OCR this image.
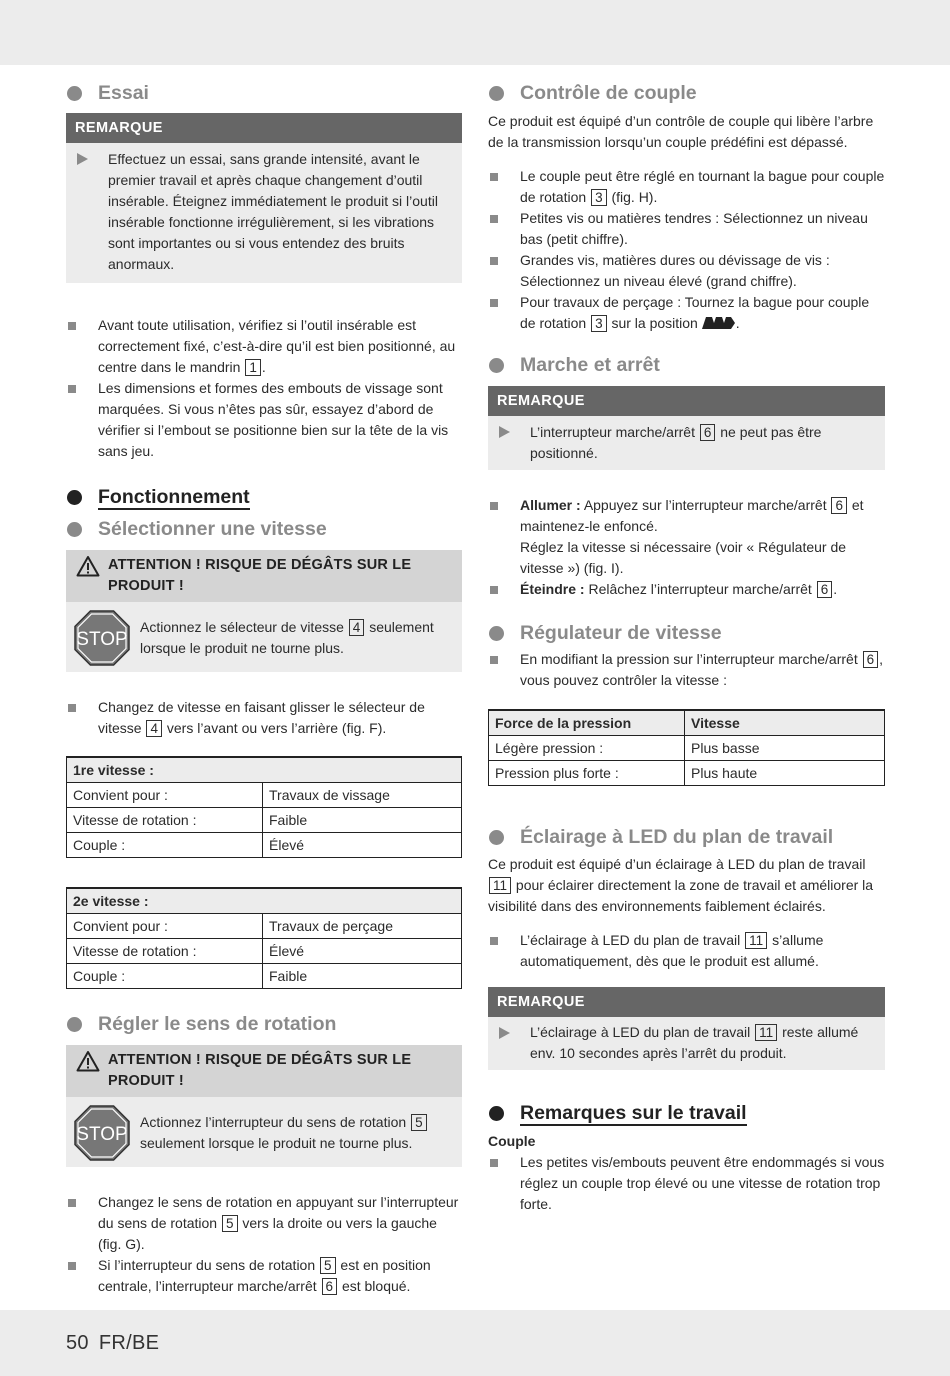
Essai
REMARQUE
Effectuez un essai, sans grande intensité, avant le premier travail et après chaque changement d’outil insérable. Éteignez immédiatement le produit si l’outil insérable fonctionne irrégulièrement, si les vibrations sont importantes ou si vous entendez des bruits anormaux.
Avant toute utilisation, vérifiez si l’outil insérable est correctement fixé, c’est-à-dire qu’il est bien positionné, au centre dans le mandrin 1 .
Les dimensions et formes des embouts de vissage sont marquées. Si vous n’êtes pas sûr, essayez d’abord de vérifier si l’embout se positionne bien sur la tête de la vis sans jeu.
Fonctionnement
Sélectionner une vitesse
ATTENTION ! RISQUE DE DÉGÂTS SUR LE PRODUIT !
STOP
Actionnez le sélecteur de vitesse 4 seulement lorsque le produit ne tourne plus.
Changez de vitesse en faisant glisser le sélecteur de vitesse 4 vers l’avant ou vers l’arrière (fig. F).
1re vitesse :	
Convient pour :	Travaux de vissage
Vitesse de rotation :	Faible
Couple :	Élevé
2e vitesse :	
Convient pour :	Travaux de perçage
Vitesse de rotation :	Élevé
Couple :	Faible
Régler le sens de rotation
ATTENTION ! RISQUE DE DÉGÂTS SUR LE PRODUIT !
STOP
Actionnez l’interrupteur du sens de rotation 5 seulement lorsque le produit ne tourne plus.
Changez le sens de rotation en appuyant sur l’interrupteur du sens de rotation 5 vers la droite ou vers la gauche (fig. G).
Si l’interrupteur du sens de rotation 5 est en position centrale, l’interrupteur marche/arrêt 6 est bloqué.
Contrôle de couple
Ce produit est équipé d’un contrôle de couple qui libère l’arbre de la transmission lorsqu’un couple prédéfini est dépassé.
Le couple peut être réglé en tournant la bague pour couple de rotation 3 (fig. H).
Petites vis ou matières tendres : Sélectionnez un niveau bas (petit chiffre).
Grandes vis, matières dures ou dévissage de vis : Sélectionnez un niveau élevé (grand chiffre).
Pour travaux de perçage : Tournez la bague pour couple de rotation 3 sur la position	.
Marche et arrêt
REMARQUE
L’interrupteur marche/arrêt 6 ne peut pas être positionné.
Allumer : Appuyez sur l’interrupteur marche/arrêt 6 et maintenez-le enfoncé.
Réglez la vitesse si nécessaire (voir « Régulateur de vitesse ») (fig. I).
Éteindre : Relâchez l’interrupteur marche/arrêt 6 .
Régulateur de vitesse
En modifiant la pression sur l’interrupteur marche/arrêt 6 , vous pouvez contrôler la vitesse :
Force de la pression	Vitesse
Légère pression :	Plus basse
Pression plus forte :	Plus haute
Éclairage à LED du plan de travail
Ce produit est équipé d’un éclairage à LED du plan de travail 11 pour éclairer directement la zone de travail et améliorer la visibilité dans des environnements faiblement éclairés.
L’éclairage à LED du plan de travail 11 s’allume automatiquement, dès que le produit est allumé.
REMARQUE
L’éclairage à LED du plan de travail 11 reste allumé env. 10 secondes après l’arrêt du produit.
Remarques sur le travail
Couple
Les petites vis/embouts peuvent être endommagés si vous réglez un couple trop élevé ou une vitesse de rotation trop forte.
50 FR/BE
